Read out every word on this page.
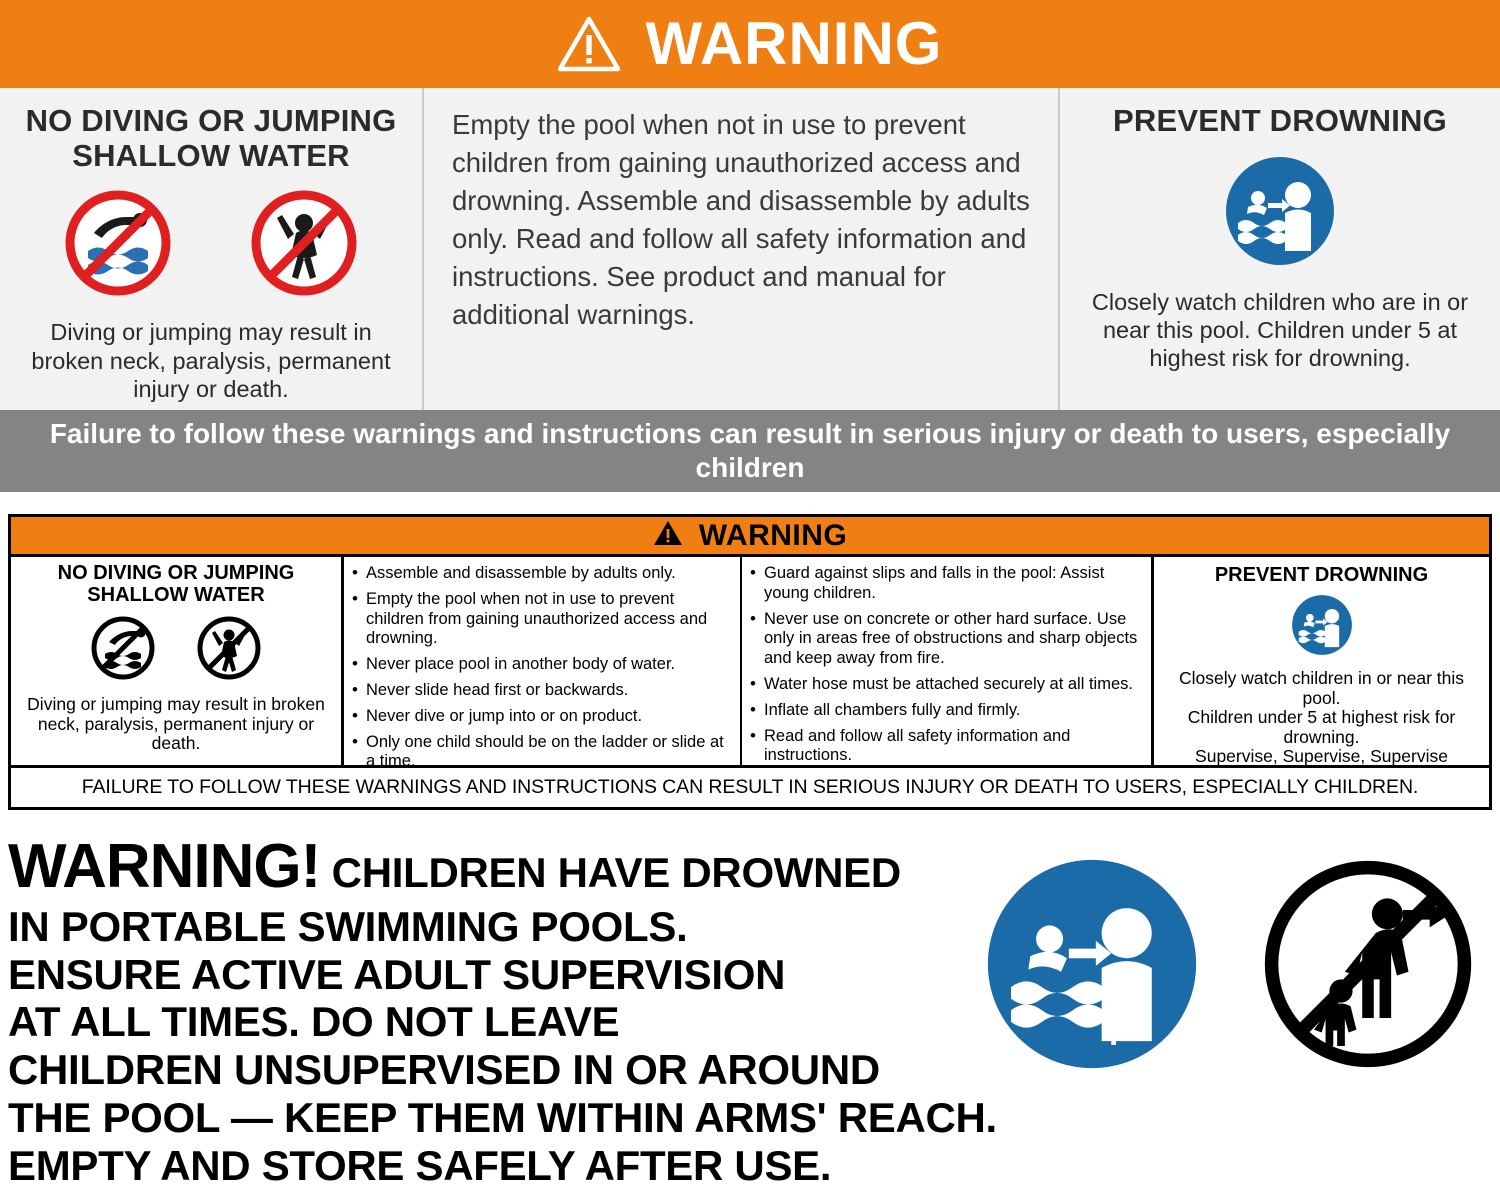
WARNING
NO DIVING OR JUMPING SHALLOW WATER
Diving or jumping may result in broken neck, paralysis, permanent injury or death.

Empty the pool when not in use to prevent children from gaining unauthorized access and drowning. Assemble and disassemble by adults only. Read and follow all safety information and instructions. See product and manual for additional warnings.

PREVENT DROWNING
Closely watch children who are in or near this pool. Children under 5 at highest risk for drowning.
Failure to follow these warnings and instructions can result in serious injury or death to users, especially children
WARNING
NO DIVING OR JUMPING SHALLOW WATER
Diving or jumping may result in broken neck, paralysis, permanent injury or death.
• Assemble and disassemble by adults only.
• Empty the pool when not in use to prevent children from gaining unauthorized access and drowning.
• Never place pool in another body of water.
• Never slide head first or backwards.
• Never dive or jump into or on product.
• Only one child should be on the ladder or slide at a time.
• Guard against slips and falls in the pool: Assist young children.
• Never use on concrete or other hard surface. Use only in areas free of obstructions and sharp objects and keep away from fire.
• Water hose must be attached securely at all times.
• Inflate all chambers fully and firmly.
• Read and follow all safety information and instructions.
PREVENT DROWNING
Closely watch children in or near this pool.
Children under 5 at highest risk for drowning.
Supervise, Supervise, Supervise
FAILURE TO FOLLOW THESE WARNINGS AND INSTRUCTIONS CAN RESULT IN SERIOUS INJURY OR DEATH TO USERS, ESPECIALLY CHILDREN.
WARNING! CHILDREN HAVE DROWNED
IN PORTABLE SWIMMING POOLS.
ENSURE ACTIVE ADULT SUPERVISION
AT ALL TIMES. DO NOT LEAVE
CHILDREN UNSUPERVISED IN OR AROUND
THE POOL — KEEP THEM WITHIN ARMS' REACH.
EMPTY AND STORE SAFELY AFTER USE.
